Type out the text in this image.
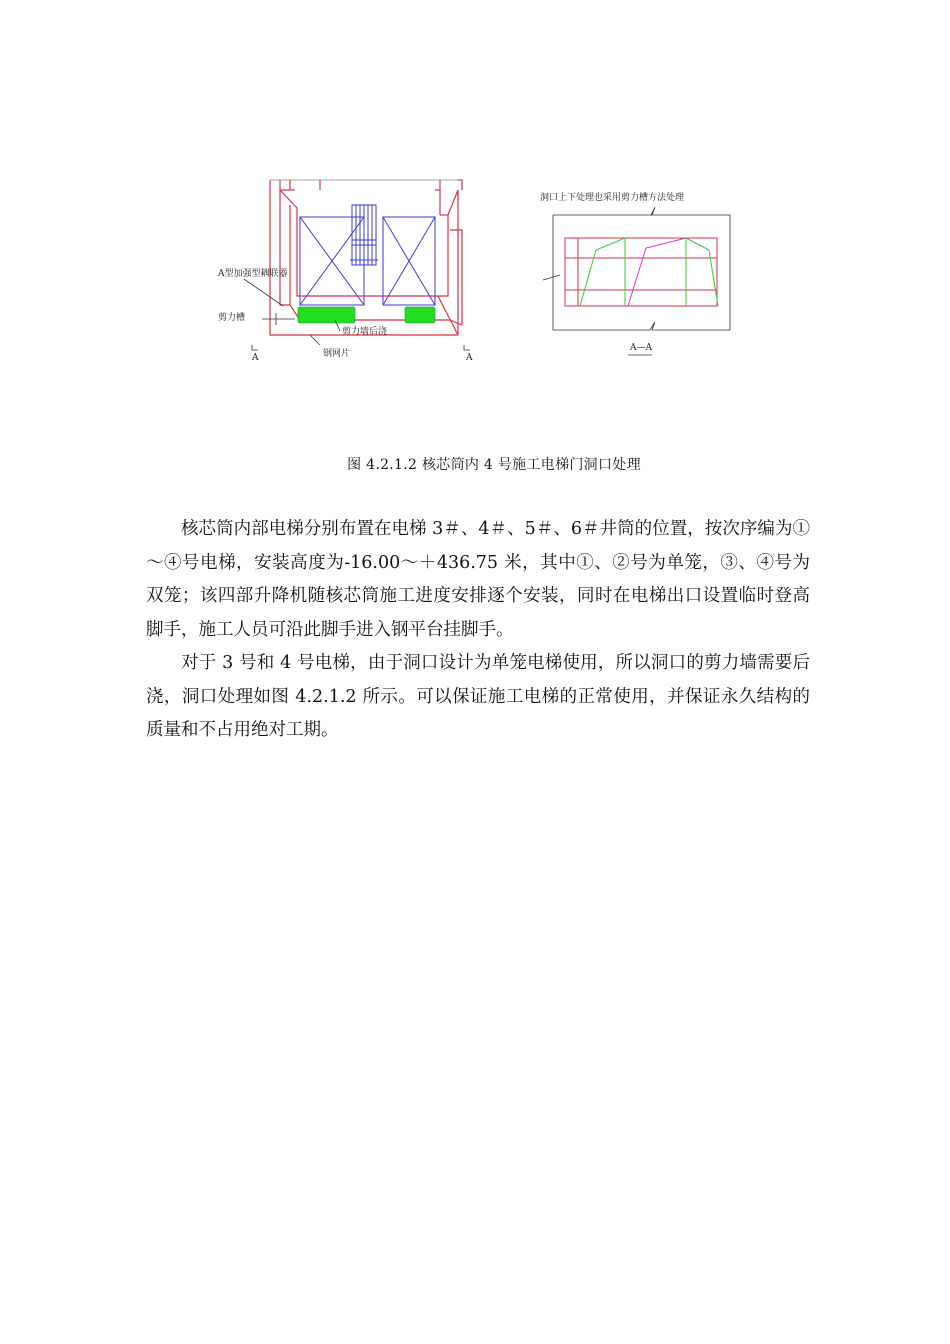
A型加强型耦联器
剪力槽
剪力墙后浇
钢网片
A	A
洞口上下处理也采用剪力槽方法处理
A—A
图 4.2.1.2 核芯筒内 4 号施工电梯门洞口处理

核芯筒内部电梯分别布置在电梯 3＃、4＃、5＃、6＃井筒的位置，按次序编为①～④号电梯，安装高度为-16.00～＋436.75 米，其中①、②号为单笼，③、④号为双笼；该四部升降机随核芯筒施工进度安排逐个安装，同时在电梯出口设置临时登高脚手，施工人员可沿此脚手进入钢平台挂脚手。

对于 3 号和 4 号电梯，由于洞口设计为单笼电梯使用，所以洞口的剪力墙需要后浇，洞口处理如图 4.2.1.2 所示。可以保证施工电梯的正常使用，并保证永久结构的质量和不占用绝对工期。
